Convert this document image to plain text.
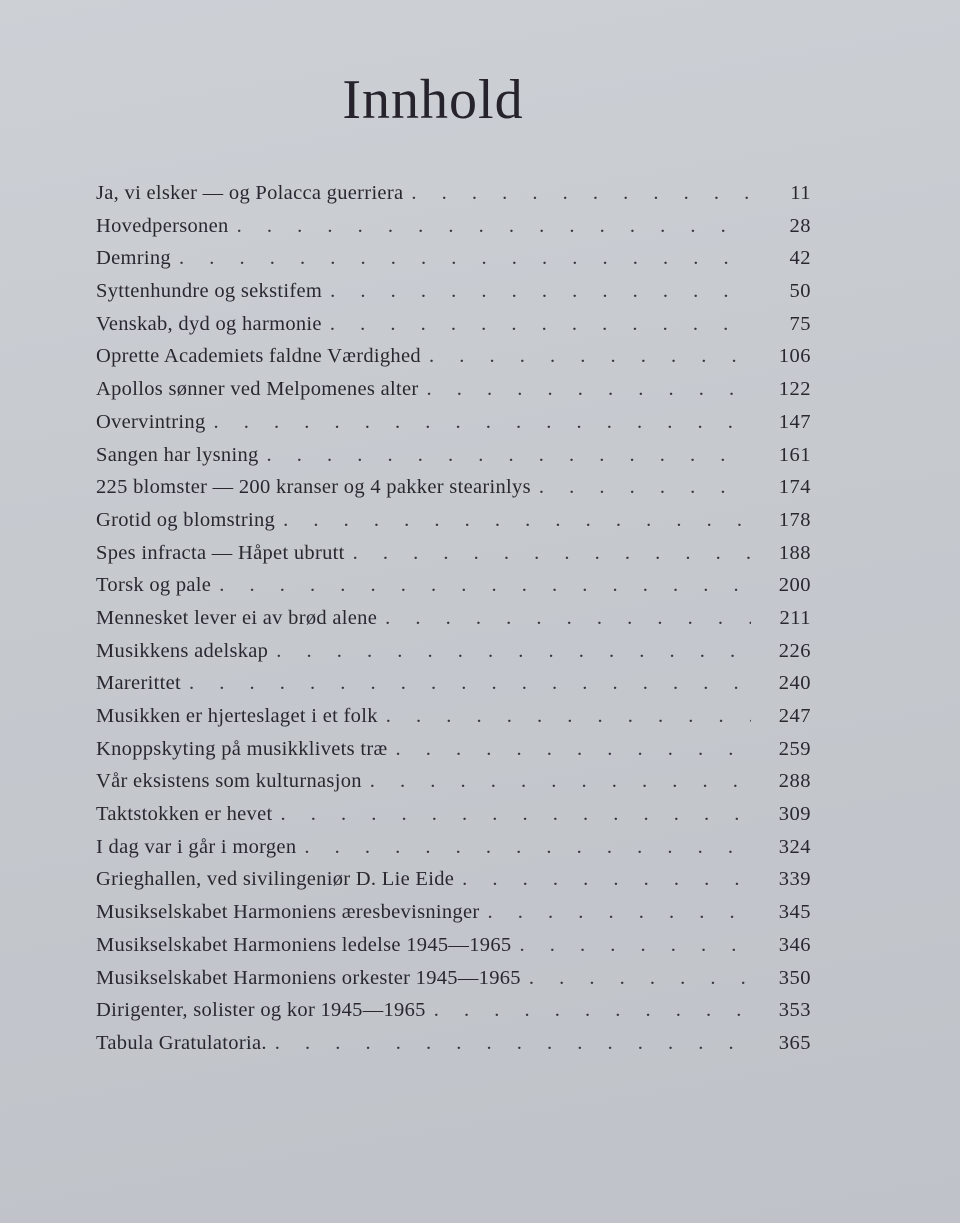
Innhold
Ja, vi elsker — og Polacca guerriera . . .	11
Hovedpersonen . . .	28
Demring . . .	42
Syttenhundre og sekstifem . . .	50
Venskab, dyd og harmonie . . .	75
Oprette Academiets faldne Værdighed . . .	106
Apollos sønner ved Melpomenes alter . . .	122
Overvintring . . .	147
Sangen har lysning . . .	161
225 blomster — 200 kranser og 4 pakker stearinlys . . .	174
Grotid og blomstring . . .	178
Spes infracta — Håpet ubrutt . . .	188
Torsk og pale . . .	200
Mennesket lever ei av brød alene . . .	211
Musikkens adelskap . . .	226
Marerittet . . .	240
Musikken er hjerteslaget i et folk . . .	247
Knoppskyting på musikklivets træ . . .	259
Vår eksistens som kulturnasjon . . .	288
Taktstokken er hevet . . .	309
I dag var i går i morgen . . .	324
Grieghallen, ved sivilingeniør D. Lie Eide . . .	339
Musikselskabet Harmoniens æresbevisninger . . .	345
Musikselskabet Harmoniens ledelse 1945—1965 . . .	346
Musikselskabet Harmoniens orkester 1945—1965 . . .	350
Dirigenter, solister og kor 1945—1965 . . .	353
Tabula Gratulatoria. . . .	365
